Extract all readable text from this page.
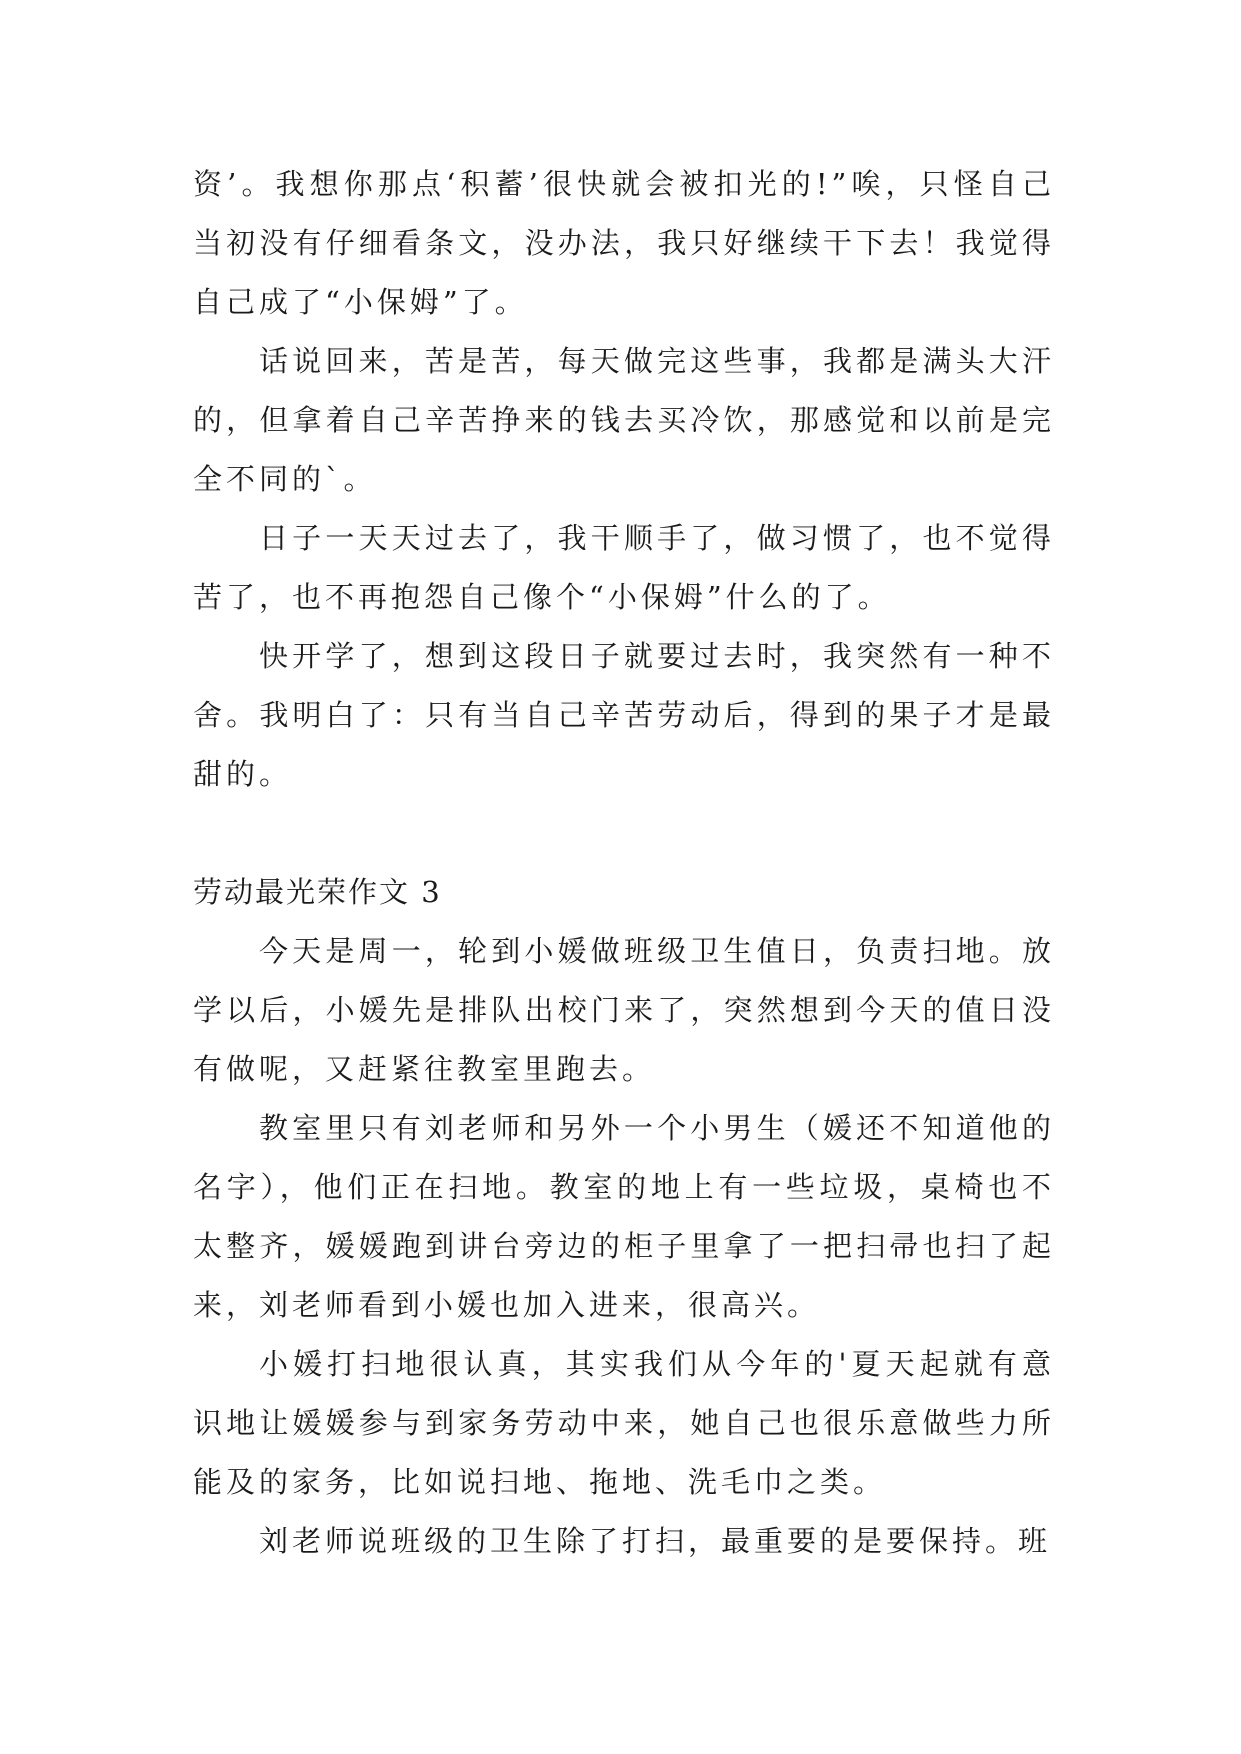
资’。我想你那点‘积蓄’很快就会被扣光的!”唉，只怪自己当初没有仔细看条文，没办法，我只好继续干下去！我觉得自己成了“小保姆”了。

话说回来，苦是苦，每天做完这些事，我都是满头大汗的，但拿着自己辛苦挣来的钱去买冷饮，那感觉和以前是完全不同的`。

日子一天天过去了，我干顺手了，做习惯了，也不觉得苦了，也不再抱怨自己像个“小保姆”什么的了。

快开学了，想到这段日子就要过去时，我突然有一种不舍。我明白了：只有当自己辛苦劳动后，得到的果子才是最甜的。

劳动最光荣作文 3

今天是周一，轮到小媛做班级卫生值日，负责扫地。放学以后，小媛先是排队出校门来了，突然想到今天的值日没有做呢，又赶紧往教室里跑去。

教室里只有刘老师和另外一个小男生（媛还不知道他的名字），他们正在扫地。教室的地上有一些垃圾，桌椅也不太整齐，媛媛跑到讲台旁边的柜子里拿了一把扫帚也扫了起来，刘老师看到小媛也加入进来，很高兴。

小媛打扫地很认真，其实我们从今年的'夏天起就有意识地让媛媛参与到家务劳动中来，她自己也很乐意做些力所能及的家务，比如说扫地、拖地、洗毛巾之类。

刘老师说班级的卫生除了打扫，最重要的是要保持。班
